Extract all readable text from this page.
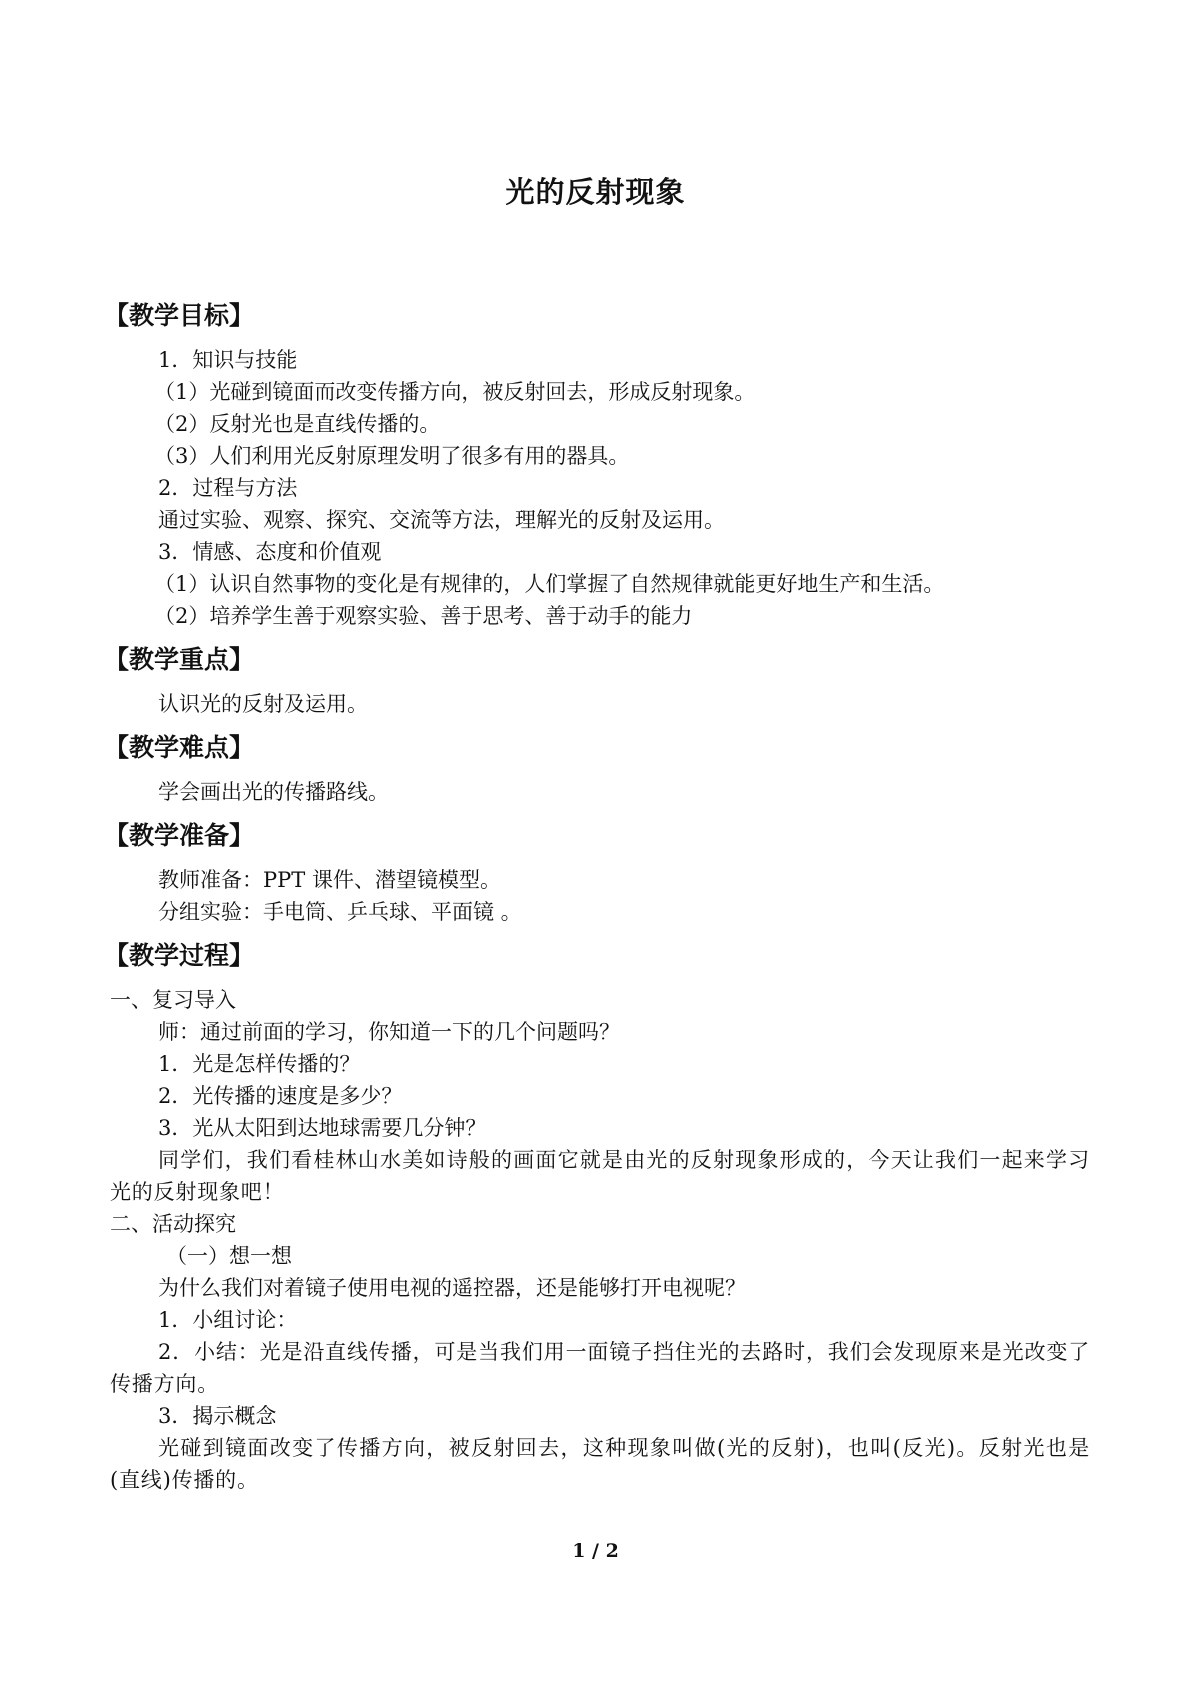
光的反射现象
【教学目标】
1．知识与技能
（1）光碰到镜面而改变传播方向，被反射回去，形成反射现象。
（2）反射光也是直线传播的。
（3）人们利用光反射原理发明了很多有用的器具。
2．过程与方法
通过实验、观察、探究、交流等方法，理解光的反射及运用。
3．情感、态度和价值观
（1）认识自然事物的变化是有规律的，人们掌握了自然规律就能更好地生产和生活。
（2）培养学生善于观察实验、善于思考、善于动手的能力
【教学重点】
认识光的反射及运用。
【教学难点】
学会画出光的传播路线。
【教学准备】
教师准备：PPT 课件、潜望镜模型。
分组实验：手电筒、乒乓球、平面镜 。
【教学过程】
一、复习导入
师：通过前面的学习，你知道一下的几个问题吗？
1．光是怎样传播的？
2．光传播的速度是多少？
3．光从太阳到达地球需要几分钟？
同学们，我们看桂林山水美如诗般的画面它就是由光的反射现象形成的，今天让我们一起来学习光的反射现象吧！
二、活动探究
（一）想一想
为什么我们对着镜子使用电视的遥控器，还是能够打开电视呢？
1．小组讨论：
2．小结：光是沿直线传播，可是当我们用一面镜子挡住光的去路时，我们会发现原来是光改变了传播方向。
3．揭示概念
光碰到镜面改变了传播方向，被反射回去，这种现象叫做(光的反射)，也叫(反光)。反射光也是(直线)传播的。
1 / 2
